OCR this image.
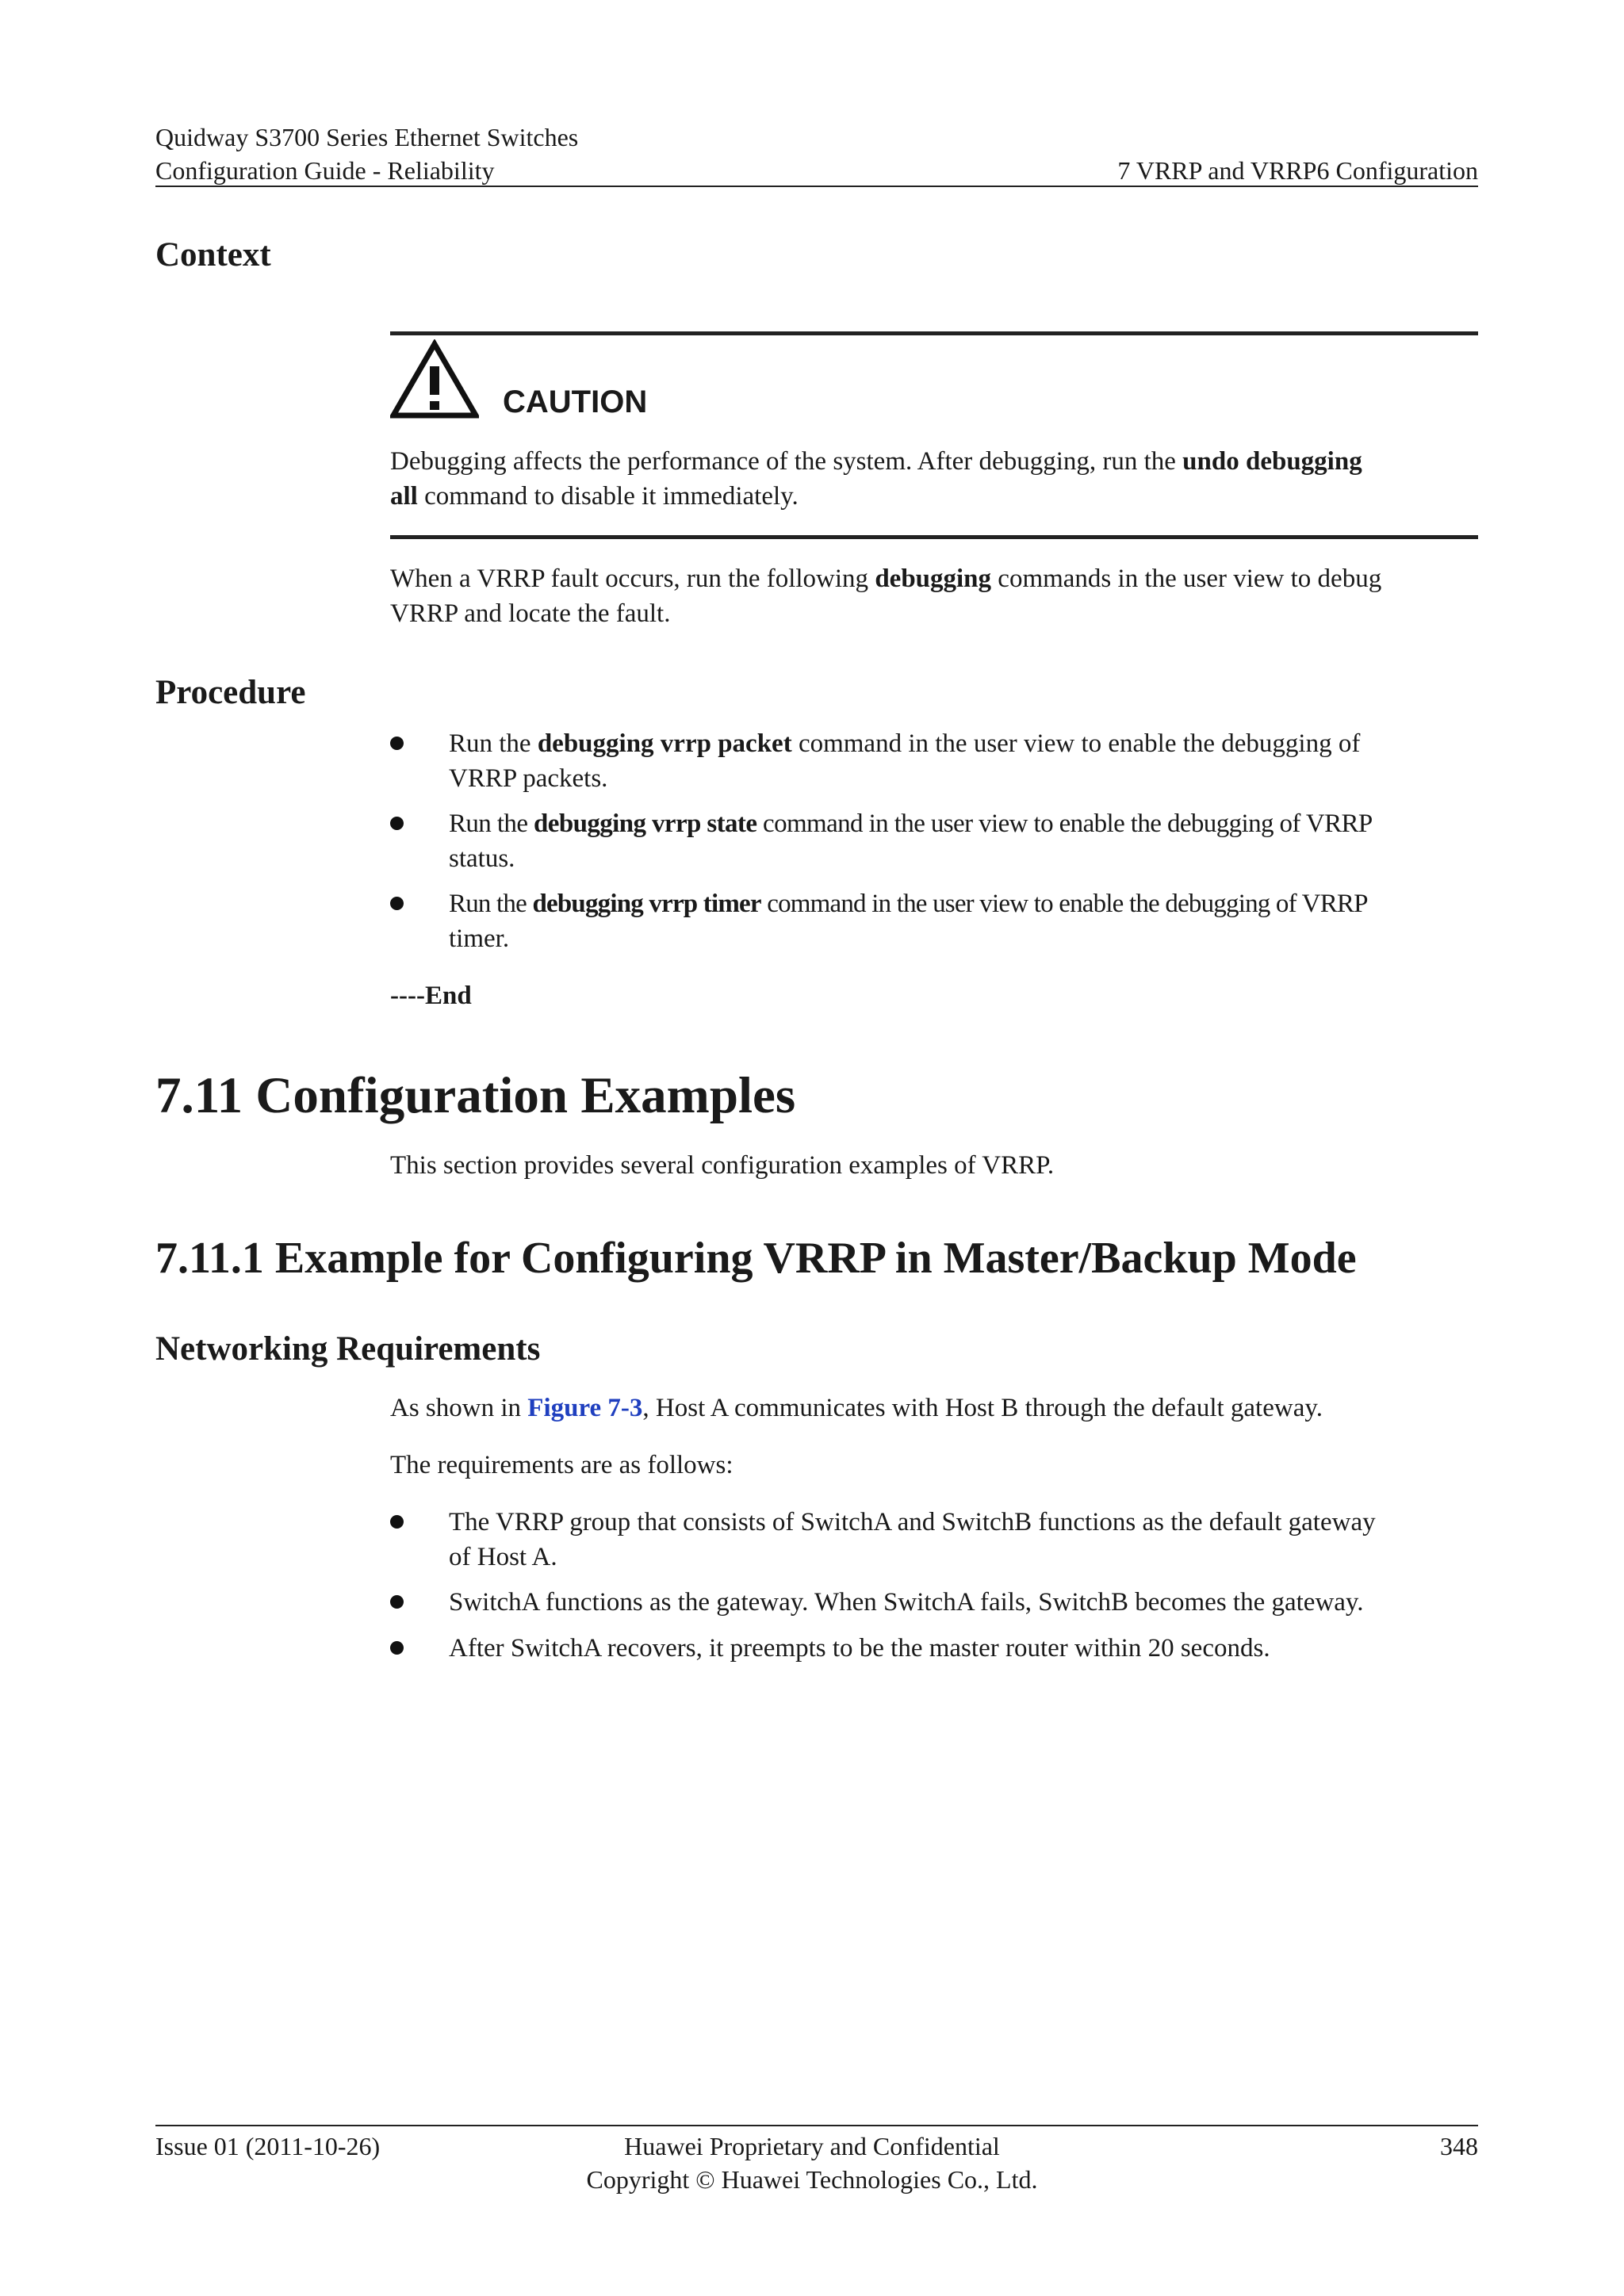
Quidway S3700 Series Ethernet Switches
Configuration Guide - Reliability	7 VRRP and VRRP6 Configuration
Context
CAUTION
Debugging affects the performance of the system. After debugging, run the undo debugging
all command to disable it immediately.
When a VRRP fault occurs, run the following debugging commands in the user view to debug
VRRP and locate the fault.
Procedure
Run the debugging vrrp packet command in the user view to enable the debugging of
VRRP packets.
Run the debugging vrrp state command in the user view to enable the debugging of VRRP
status.
Run the debugging vrrp timer command in the user view to enable the debugging of VRRP
timer.
----End
7.11 Configuration Examples
This section provides several configuration examples of VRRP.
7.11.1 Example for Configuring VRRP in Master/Backup Mode
Networking Requirements
As shown in Figure 7-3, Host A communicates with Host B through the default gateway.
The requirements are as follows:
The VRRP group that consists of SwitchA and SwitchB functions as the default gateway
of Host A.
SwitchA functions as the gateway. When SwitchA fails, SwitchB becomes the gateway.
After SwitchA recovers, it preempts to be the master router within 20 seconds.
Issue 01 (2011-10-26)	Huawei Proprietary and Confidential
Copyright © Huawei Technologies Co., Ltd.
348
